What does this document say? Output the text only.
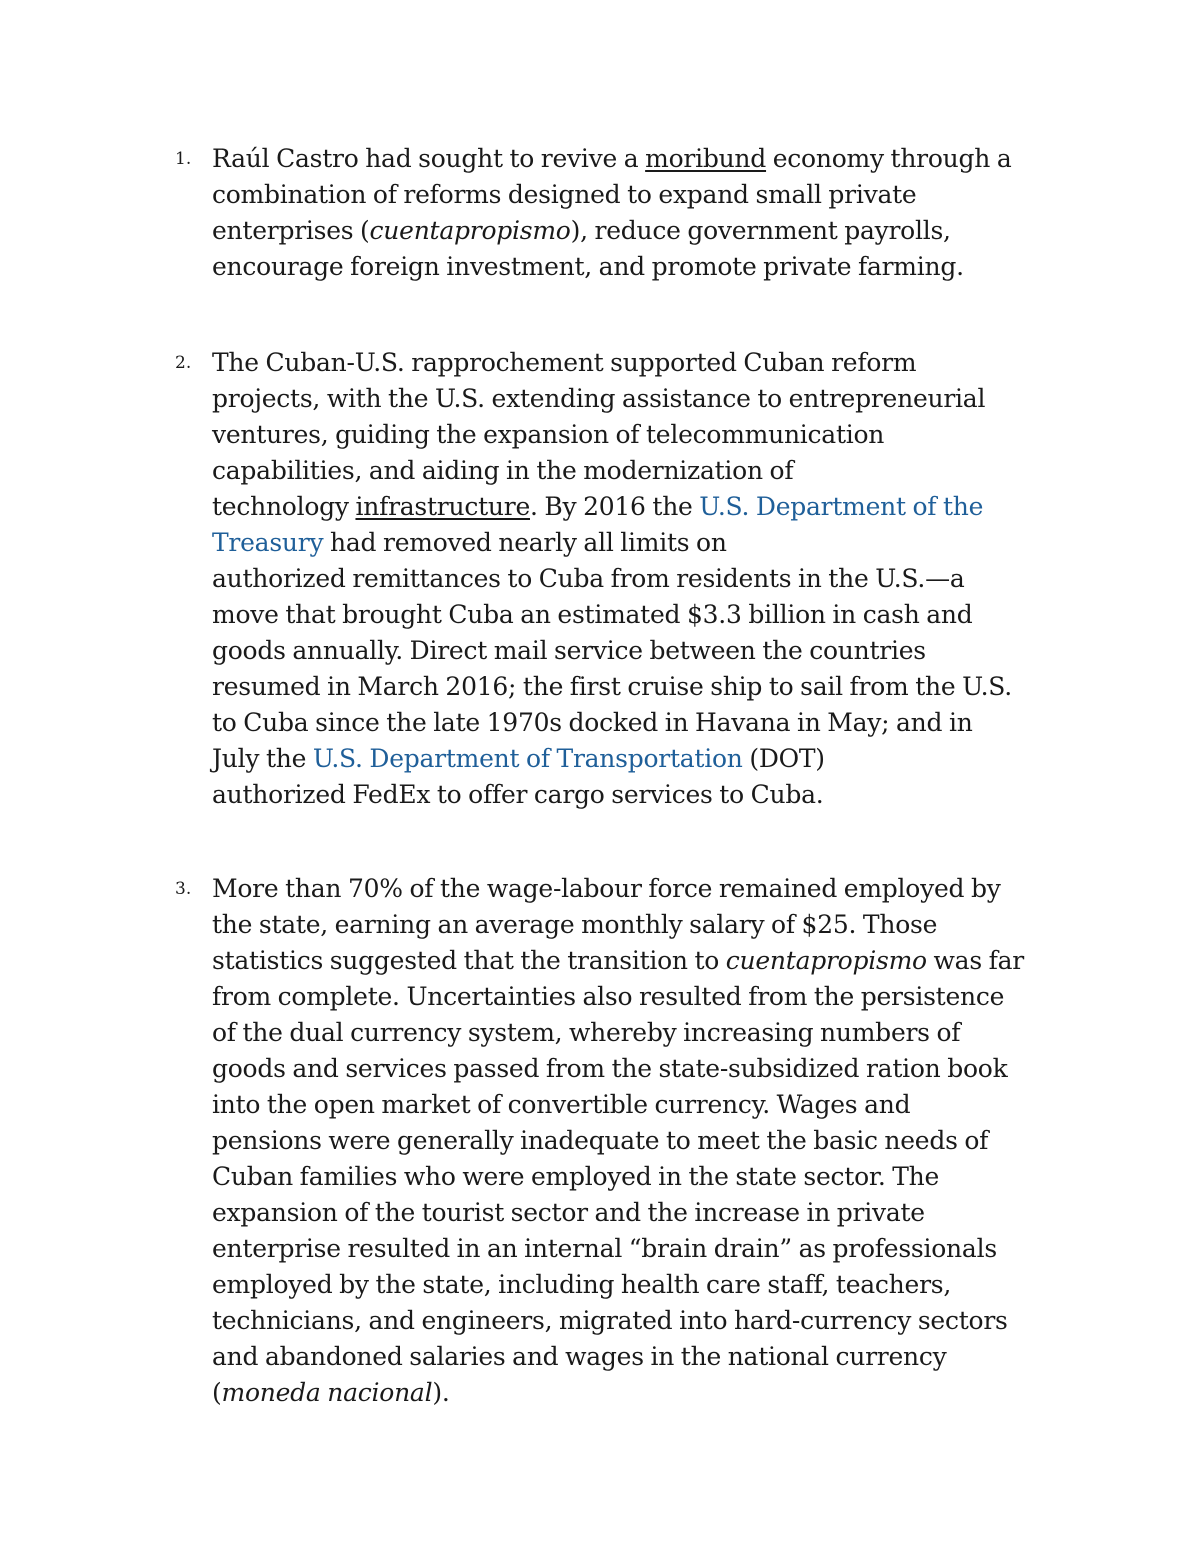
1. Raúl Castro had sought to revive a moribund economy through a
combination of reforms designed to expand small private
enterprises (cuentapropismo), reduce government payrolls,
encourage foreign investment, and promote private farming.
2. The Cuban-U.S. rapprochement supported Cuban reform
projects, with the U.S. extending assistance to entrepreneurial
ventures, guiding the expansion of telecommunication
capabilities, and aiding in the modernization of
technology infrastructure. By 2016 the U.S. Department of the
Treasury had removed nearly all limits on
authorized remittances to Cuba from residents in the U.S.—a
move that brought Cuba an estimated $3.3 billion in cash and
goods annually. Direct mail service between the countries
resumed in March 2016; the first cruise ship to sail from the U.S.
to Cuba since the late 1970s docked in Havana in May; and in
July the U.S. Department of Transportation (DOT)
authorized FedEx to offer cargo services to Cuba.
3. More than 70% of the wage-labour force remained employed by
the state, earning an average monthly salary of $25. Those
statistics suggested that the transition to cuentapropismo was far
from complete. Uncertainties also resulted from the persistence
of the dual currency system, whereby increasing numbers of
goods and services passed from the state-subsidized ration book
into the open market of convertible currency. Wages and
pensions were generally inadequate to meet the basic needs of
Cuban families who were employed in the state sector. The
expansion of the tourist sector and the increase in private
enterprise resulted in an internal “brain drain” as professionals
employed by the state, including health care staff, teachers,
technicians, and engineers, migrated into hard-currency sectors
and abandoned salaries and wages in the national currency
(moneda nacional).
